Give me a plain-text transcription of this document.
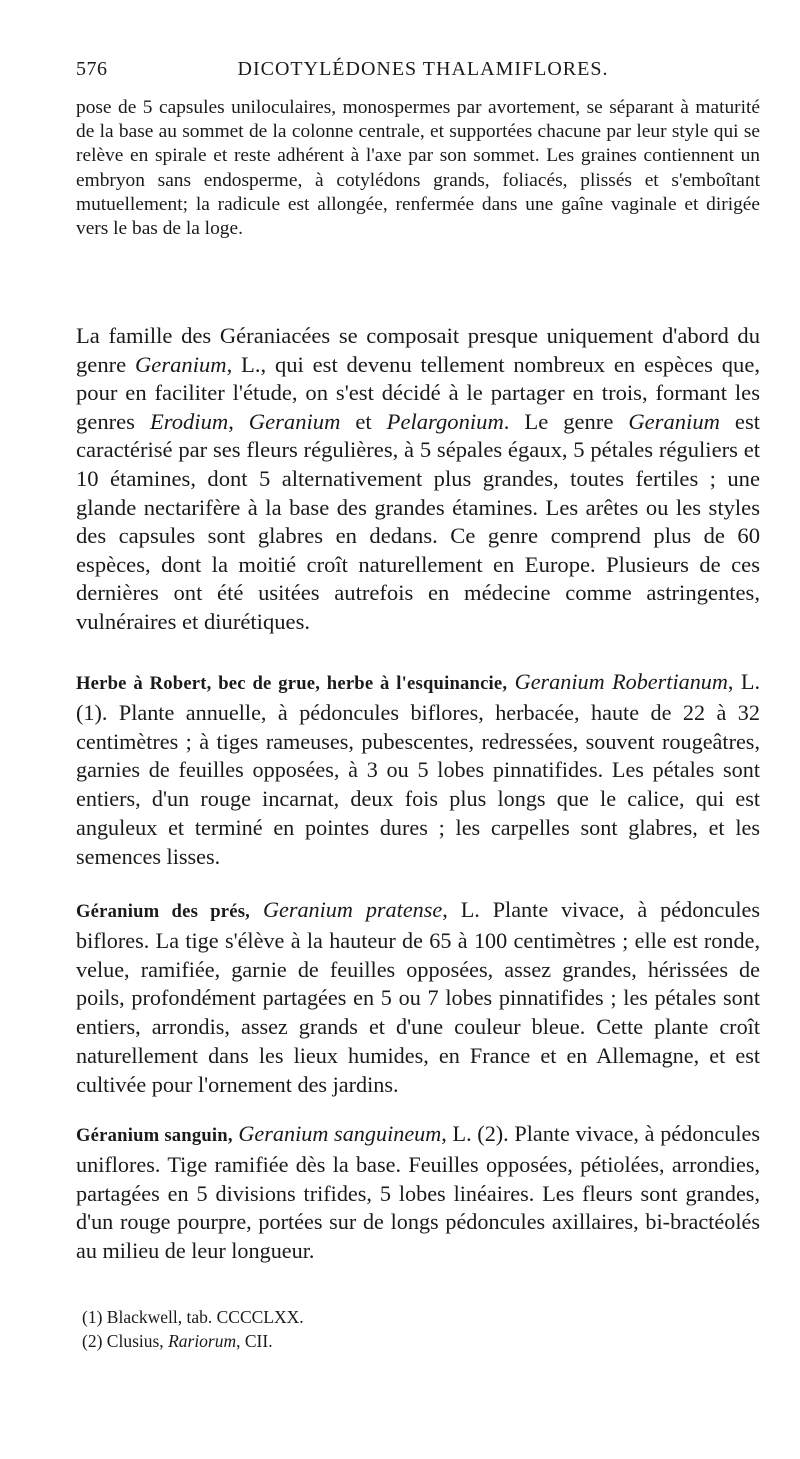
576	DICOTYLÉDONES THALAMIFLORES.

pose de 5 capsules uniloculaires, monospermes par avortement, se séparant à maturité de la base au sommet de la colonne centrale, et supportées chacune par leur style qui se relève en spirale et reste adhérent à l'axe par son sommet. Les graines contiennent un embryon sans endosperme, à cotylédons grands, foliacés, plissés et s'emboîtant mutuellement; la radicule est allongée, renfermée dans une gaîne vaginale et dirigée vers le bas de la loge.

La famille des Géraniacées se composait presque uniquement d'abord du genre Geranium, L., qui est devenu tellement nombreux en espèces que, pour en faciliter l'étude, on s'est décidé à le partager en trois, formant les genres Erodium, Geranium et Pelargonium. Le genre Geranium est caractérisé par ses fleurs régulières, à 5 sépales égaux, 5 pétales réguliers et 10 étamines, dont 5 alternativement plus grandes, toutes fertiles ; une glande nectarifère à la base des grandes étamines. Les arêtes ou les styles des capsules sont glabres en dedans. Ce genre comprend plus de 60 espèces, dont la moitié croît naturellement en Europe. Plusieurs de ces dernières ont été usitées autrefois en médecine comme astringentes, vulnéraires et diurétiques.

Herbe à Robert, bec de grue, herbe à l'esquinancie, Geranium Robertianum, L. (1). Plante annuelle, à pédoncules biflores, herbacée, haute de 22 à 32 centimètres ; à tiges rameuses, pubescentes, redressées, souvent rougeâtres, garnies de feuilles opposées, à 3 ou 5 lobes pinnatifides. Les pétales sont entiers, d'un rouge incarnat, deux fois plus longs que le calice, qui est anguleux et terminé en pointes dures ; les carpelles sont glabres, et les semences lisses.

Géranium des prés, Geranium pratense, L. Plante vivace, à pédoncules biflores. La tige s'élève à la hauteur de 65 à 100 centimètres ; elle est ronde, velue, ramifiée, garnie de feuilles opposées, assez grandes, hérissées de poils, profondément partagées en 5 ou 7 lobes pinnatifides ; les pétales sont entiers, arrondis, assez grands et d'une couleur bleue. Cette plante croît naturellement dans les lieux humides, en France et en Allemagne, et est cultivée pour l'ornement des jardins.

Géranium sanguin, Geranium sanguineum, L. (2). Plante vivace, à pédoncules uniflores. Tige ramifiée dès la base. Feuilles opposées, pétiolées, arrondies, partagées en 5 divisions trifides, 5 lobes linéaires. Les fleurs sont grandes, d'un rouge pourpre, portées sur de longs pédoncules axillaires, bi-bractéolés au milieu de leur longueur.

(1) Blackwell, tab. CCCCLXX.

(2) Clusius, Rariorum, CII.
